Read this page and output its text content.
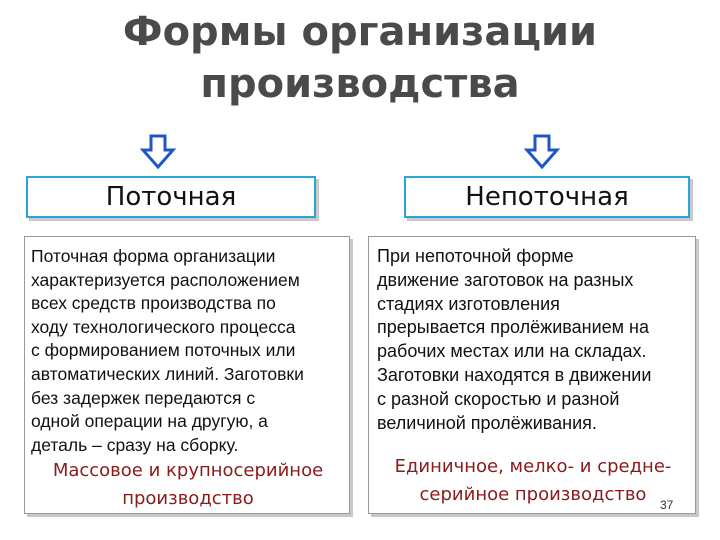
Формы организации
производства
Поточная	Непоточная
Поточная форма организации
характеризуется расположением
всех средств производства по
ходу технологического процесса
с формированием поточных или
автоматических линий. Заготовки
без задержек передаются с
одной операции на другую, а
деталь – сразу на сборку.
Массовое и крупносерийное
производство
При непоточной форме
движение заготовок на разных
стадиях изготовления
прерывается пролёживанием на
рабочих местах или на складах.
Заготовки находятся в движении
с разной скоростью и разной
величиной пролёживания.
Единичное, мелко- и средне-
серийное производство	37
